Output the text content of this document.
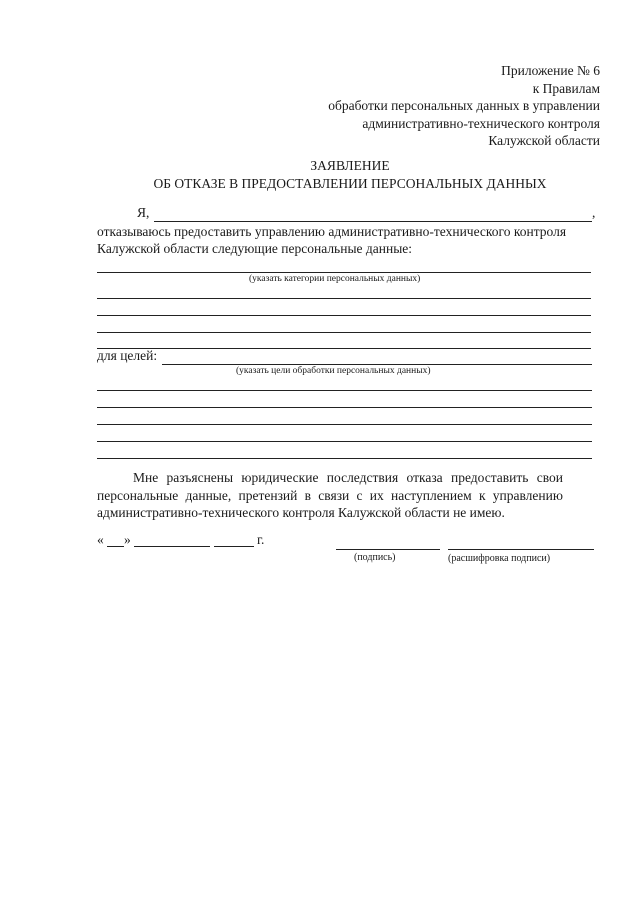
Приложение № 6
к Правилам
обработки персональных данных в управлении
административно-технического контроля
Калужской области
ЗАЯВЛЕНИЕ
ОБ ОТКАЗЕ В ПРЕДОСТАВЛЕНИИ ПЕРСОНАЛЬНЫХ ДАННЫХ
Я,	,
отказываюсь предоставить управлению административно-технического контроля
Калужской области следующие персональные данные:
(указать категории персональных данных)
для целей:
(указать цели обработки персональных данных)
Мне разъяснены юридические последствия отказа предоставить свои
персональные данные, претензий в связи с их наступлением к управлению
административно-технического контроля Калужской области не имею.
« »	г.
(подпись)	(расшифровка подписи)
